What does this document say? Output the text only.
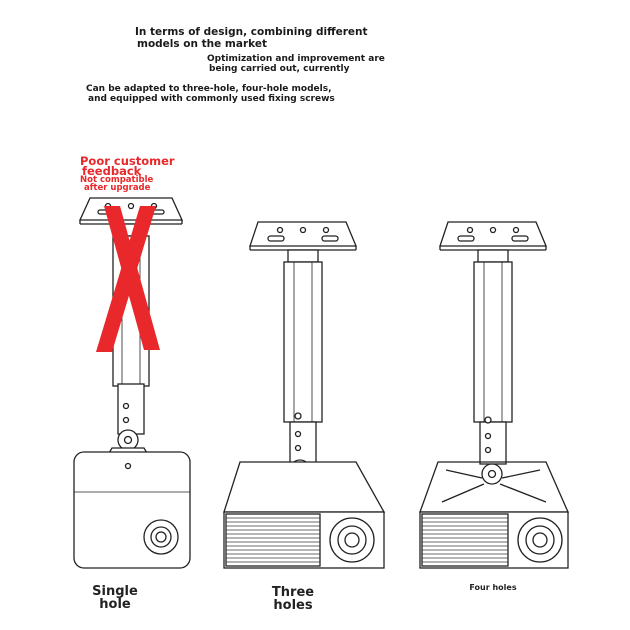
In terms of design, combining different
models on the market
Optimization and improvement are
being carried out, currently
Can be adapted to three-hole, four-hole models,
and equipped with commonly used fixing screws
Poor customer
feedback
Not compatible
after upgrade
Single hole
Three holes
Four holes
